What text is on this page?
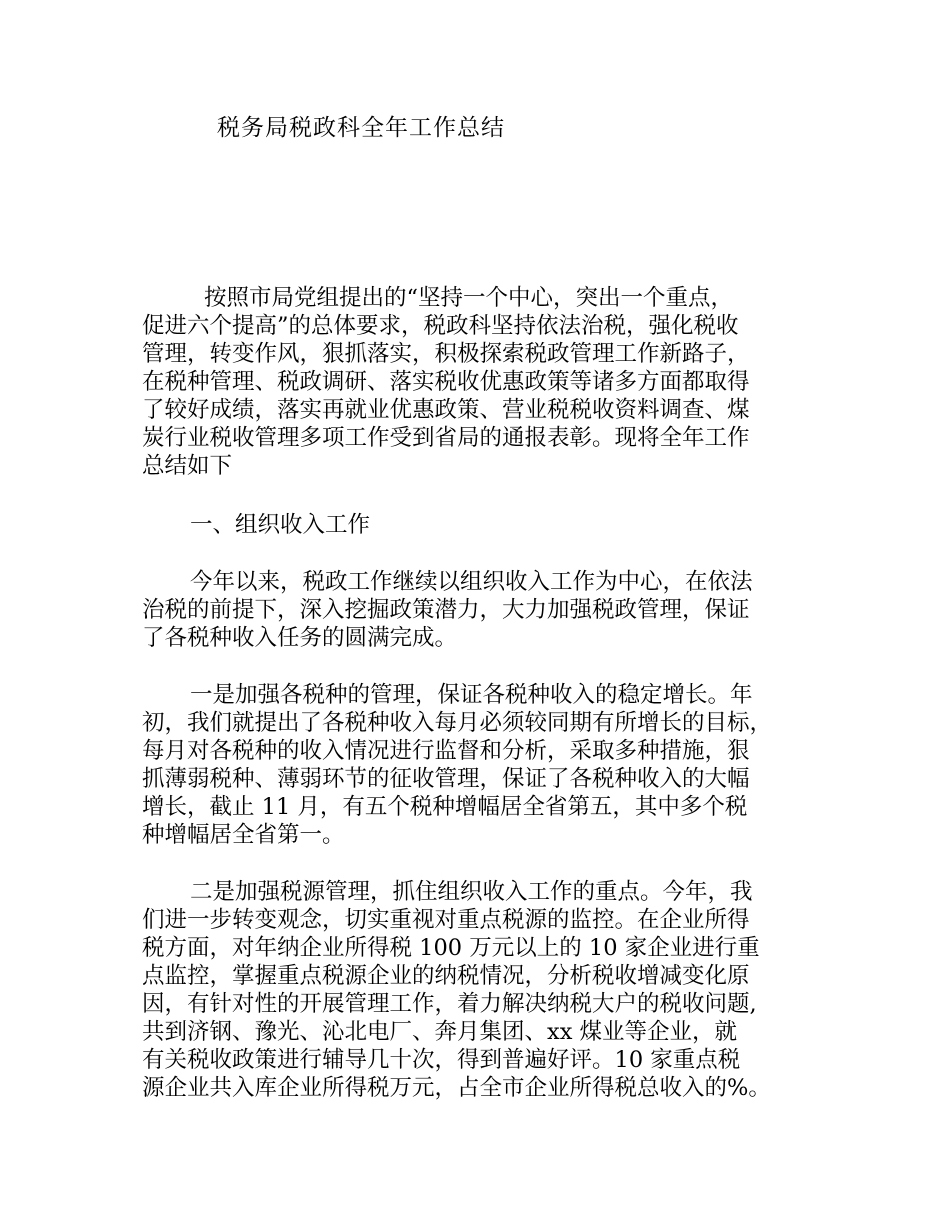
税务局税政科全年工作总结

按照市局党组提出的“坚持一个中心，突出一个重点，

促进六个提高”的总体要求，税政科坚持依法治税，强化税收

管理，转变作风，狠抓落实，积极探索税政管理工作新路子，

在税种管理、税政调研、落实税收优惠政策等诸多方面都取得

了较好成绩，落实再就业优惠政策、营业税税收资料调查、煤

炭行业税收管理多项工作受到省局的通报表彰。现将全年工作

总结如下

一、组织收入工作

今年以来，税政工作继续以组织收入工作为中心，在依法

治税的前提下，深入挖掘政策潜力，大力加强税政管理，保证

了各税种收入任务的圆满完成。

一是加强各税种的管理，保证各税种收入的稳定增长。年

初，我们就提出了各税种收入每月必须较同期有所增长的目标，

每月对各税种的收入情况进行监督和分析，采取多种措施，狠

抓薄弱税种、薄弱环节的征收管理，保证了各税种收入的大幅

增长，截止 11 月，有五个税种增幅居全省第五，其中多个税

种增幅居全省第一。

二是加强税源管理，抓住组织收入工作的重点。今年，我

们进一步转变观念，切实重视对重点税源的监控。在企业所得

税方面，对年纳企业所得税 100 万元以上的 10 家企业进行重

点监控，掌握重点税源企业的纳税情况，分析税收增减变化原

因，有针对性的开展管理工作，着力解决纳税大户的税收问题,

共到济钢、豫光、沁北电厂、奔月集团、xx 煤业等企业，就

有关税收政策进行辅导几十次，得到普遍好评。10 家重点税

源企业共入库企业所得税万元，占全市企业所得税总收入的%。
